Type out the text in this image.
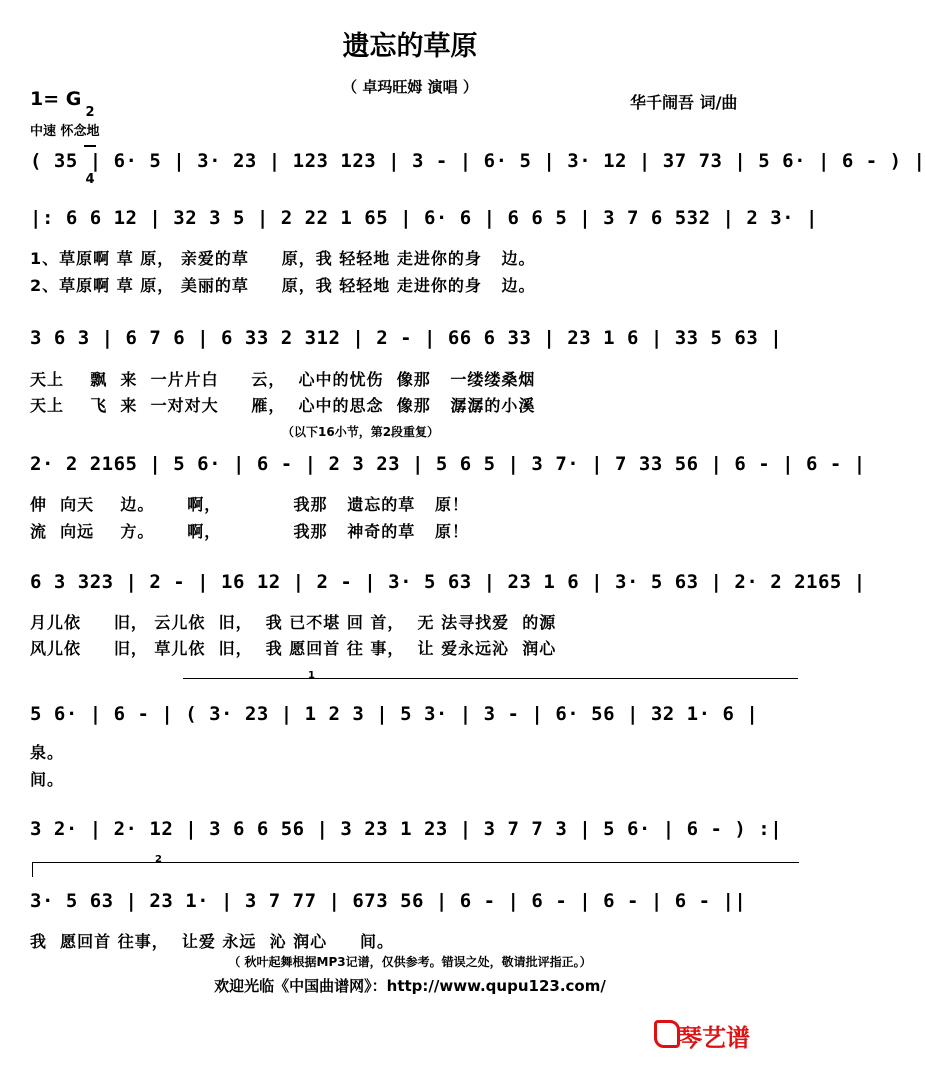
遗忘的草原
（ 卓玛旺姆 演唱 ）
1= G

2

4

中速 怀念地
华千闹吾 词/曲
( 35 | 6· 5 | 3· 23 | 123 123 | 3 - | 6· 5 | 3· 12 | 37 73 | 5 6· | 6 - ) |
|: 6 6 12 | 32 3 5 | 2 22 1 65 | 6· 6 | 6 6 5 | 3 7 6 532 | 2 3· |
1、草原啊 草 原， 亲爱的草     原，我 轻轻地 走进你的身   边。
2、草原啊 草 原， 美丽的草     原，我 轻轻地 走进你的身   边。
3 6 3 | 6 7 6 | 6 33 2 312 | 2 - | 66 6 33 | 23 1 6 | 33 5 63 |
天上    飘  来  一片片白     云，  心中的忧伤  像那   一缕缕桑烟
天上    飞  来  一对对大     雁，  心中的思念  像那   潺潺的小溪
（以下16小节，第2段重复）
2· 2 2165 | 5 6· | 6 - | 2 3 23 | 5 6 5 | 3 7· | 7 33 56 | 6 - | 6 - |
伸  向天    边。     啊，           我那   遗忘的草   原！
流  向远    方。     啊，           我那   神奇的草   原！
6 3 323 | 2 - | 16 12 | 2 - | 3· 5 63 | 23 1 6 | 3· 5 63 | 2· 2 2165 |
月儿依     旧， 云儿依  旧，  我 已不堪 回 首，  无 法寻找爱  的源
风儿依     旧， 草儿依  旧，  我 愿回首 往 事，  让 爱永远沁  润心

1

5 6· | 6 - | ( 3· 23 | 1 2 3 | 5 3· | 3 - | 6· 56 | 32 1· 6 |
泉。
间。
3 2· | 2· 12 | 3 6 6 56 | 3 23 1 23 | 3 7 7 3 | 5 6· | 6 - ) :|

2

3· 5 63 | 23 1· | 3 7 77 | 673 56 | 6 - | 6 - | 6 - | 6 - ||
我  愿回首 往事，  让爱 永远  沁 润心     间。
（ 秋叶起舞根据MP3记谱，仅供参考。错误之处，敬请批评指正。）
欢迎光临《中国曲谱网》：http://www.qupu123.com/
琴艺谱
